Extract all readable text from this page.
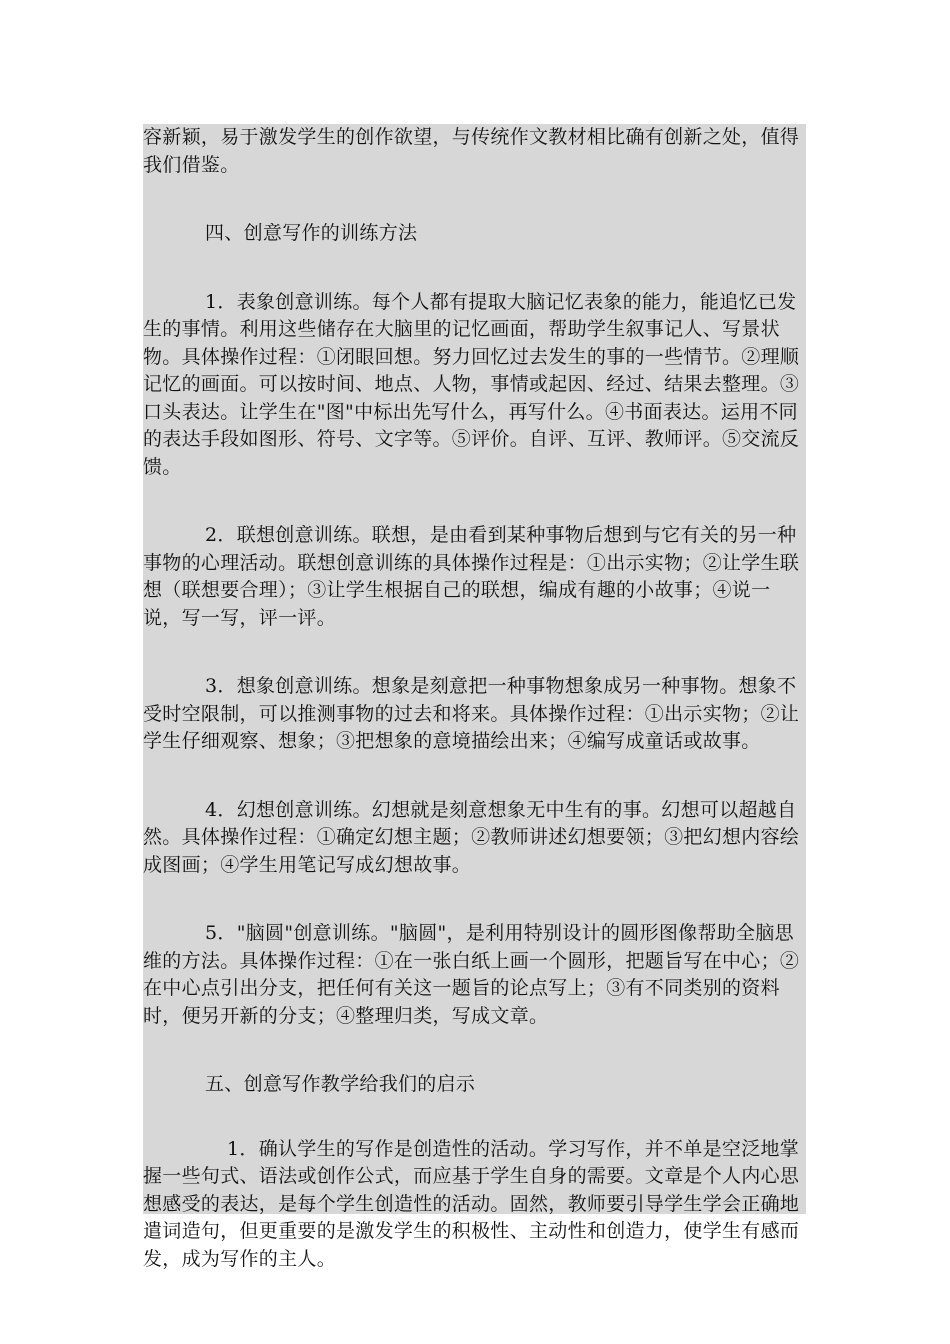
容新颖，易于激发学生的创作欲望，与传统作文教材相比确有创新之处，值得我们借鉴。

四、创意写作的训练方法

1．表象创意训练。每个人都有提取大脑记忆表象的能力，能追忆已发生的事情。利用这些储存在大脑里的记忆画面，帮助学生叙事记人、写景状物。具体操作过程：①闭眼回想。努力回忆过去发生的事的一些情节。②理顺记忆的画面。可以按时间、地点、人物，事情或起因、经过、结果去整理。③口头表达。让学生在"图"中标出先写什么，再写什么。④书面表达。运用不同的表达手段如图形、符号、文字等。⑤评价。自评、互评、教师评。⑤交流反馈。

2．联想创意训练。联想，是由看到某种事物后想到与它有关的另一种事物的心理活动。联想创意训练的具体操作过程是：①出示实物；②让学生联想（联想要合理）；③让学生根据自己的联想，编成有趣的小故事；④说一说，写一写，评一评。

3．想象创意训练。想象是刻意把一种事物想象成另一种事物。想象不受时空限制，可以推测事物的过去和将来。具体操作过程：①出示实物；②让学生仔细观察、想象；③把想象的意境描绘出来；④编写成童话或故事。

4．幻想创意训练。幻想就是刻意想象无中生有的事。幻想可以超越自然。具体操作过程：①确定幻想主题；②教师讲述幻想要领；③把幻想内容绘成图画；④学生用笔记写成幻想故事。

5．"脑圆"创意训练。"脑圆"，是利用特别设计的圆形图像帮助全脑思维的方法。具体操作过程：①在一张白纸上画一个圆形，把题旨写在中心；②在中心点引出分支，把任何有关这一题旨的论点写上；③有不同类别的资料时，便另开新的分支；④整理归类，写成文章。

五、创意写作教学给我们的启示

1．确认学生的写作是创造性的活动。学习写作，并不单是空泛地掌握一些句式、语法或创作公式，而应基于学生自身的需要。文章是个人内心思想感受的表达，是每个学生创造性的活动。固然，教师要引导学生学会正确地遣词造句，但更重要的是激发学生的积极性、主动性和创造力，使学生有感而发，成为写作的主人。
